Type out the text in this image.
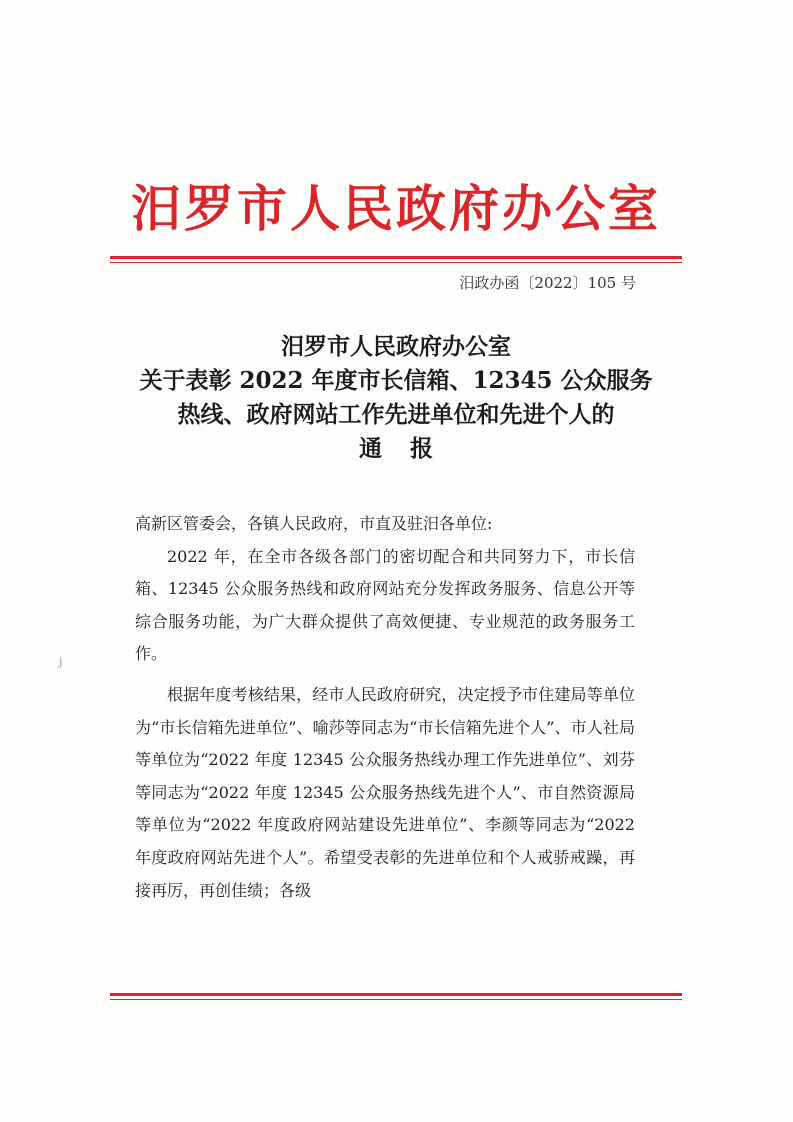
汨罗市人民政府办公室
汨政办函〔2022〕105 号
汨罗市人民政府办公室
关于表彰 2022 年度市长信箱、12345 公众服务
热线、政府网站工作先进单位和先进个人的
通报

高新区管委会，各镇人民政府，市直及驻汨各单位:

2022 年，在全市各级各部门的密切配合和共同努力下，市长信箱、12345 公众服务热线和政府网站充分发挥政务服务、信息公开等综合服务功能，为广大群众提供了高效便捷、专业规范的政务服务工作。

根据年度考核结果，经市人民政府研究，决定授予市住建局等单位为“市长信箱先进单位”、喻莎等同志为“市长信箱先进个人”、市人社局等单位为“2022 年度 12345 公众服务热线办理工作先进单位”、刘芬等同志为“2022 年度 12345 公众服务热线先进个人”、市自然资源局等单位为“2022 年度政府网站建设先进单位”、李颜等同志为“2022 年度政府网站先进个人”。希望受表彰的先进单位和个人戒骄戒躁，再接再厉，再创佳绩；各级

j
